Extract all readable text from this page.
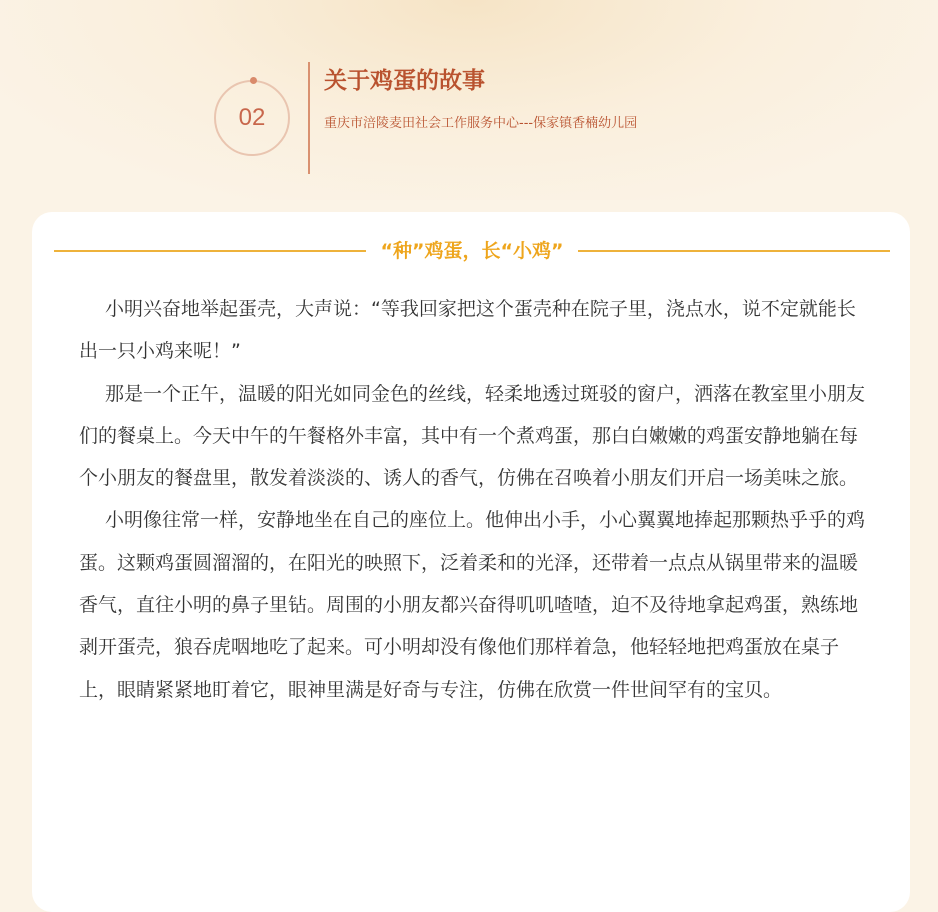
02
关于鸡蛋的故事
重庆市涪陵麦田社会工作服务中心---保家镇香楠幼儿园
“种”鸡蛋，长“小鸡”

小明兴奋地举起蛋壳，大声说：“等我回家把这个蛋壳种在院子里，浇点水，说不定就能长出一只小鸡来呢！”

那是一个正午，温暖的阳光如同金色的丝线，轻柔地透过斑驳的窗户，洒落在教室里小朋友们的餐桌上。今天中午的午餐格外丰富，其中有一个煮鸡蛋，那白白嫩嫩的鸡蛋安静地躺在每个小朋友的餐盘里，散发着淡淡的、诱人的香气，仿佛在召唤着小朋友们开启一场美味之旅。

小明像往常一样，安静地坐在自己的座位上。他伸出小手，小心翼翼地捧起那颗热乎乎的鸡蛋。这颗鸡蛋圆溜溜的，在阳光的映照下，泛着柔和的光泽，还带着一点点从锅里带来的温暖香气，直往小明的鼻子里钻。周围的小朋友都兴奋得叽叽喳喳，迫不及待地拿起鸡蛋，熟练地剥开蛋壳，狼吞虎咽地吃了起来。可小明却没有像他们那样着急，他轻轻地把鸡蛋放在桌子上，眼睛紧紧地盯着它，眼神里满是好奇与专注，仿佛在欣赏一件世间罕有的宝贝。
